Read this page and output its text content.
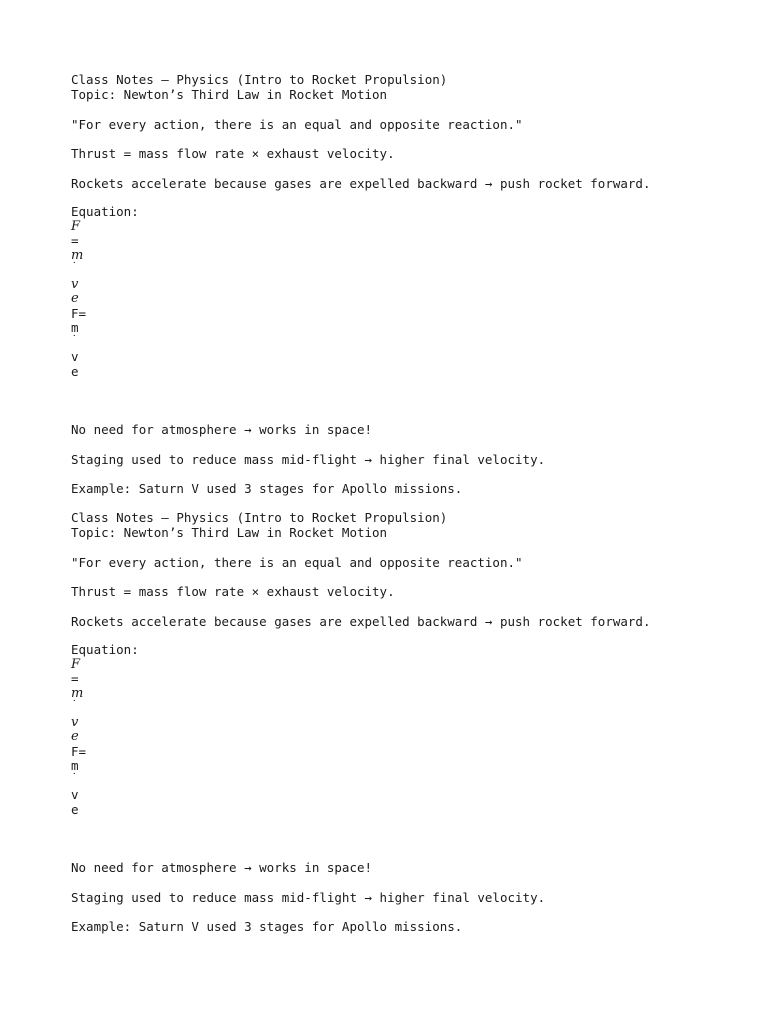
Class Notes — Physics (Intro to Rocket Propulsion)
Topic: Newton’s Third Law in Rocket Motion
"For every action, there is an equal and opposite reaction."
Thrust = mass flow rate × exhaust velocity.
Rockets accelerate because gases are expelled backward → push rocket forward.
Equation:
F
=
m
˙
v
e
F=
m
˙
v
e
No need for atmosphere → works in space!
Staging used to reduce mass mid-flight → higher final velocity.
Example: Saturn V used 3 stages for Apollo missions.
Class Notes — Physics (Intro to Rocket Propulsion)
Topic: Newton’s Third Law in Rocket Motion
"For every action, there is an equal and opposite reaction."
Thrust = mass flow rate × exhaust velocity.
Rockets accelerate because gases are expelled backward → push rocket forward.
Equation:
F
=
m
˙
v
e
F=
m
˙
v
e
No need for atmosphere → works in space!
Staging used to reduce mass mid-flight → higher final velocity.
Example: Saturn V used 3 stages for Apollo missions.
